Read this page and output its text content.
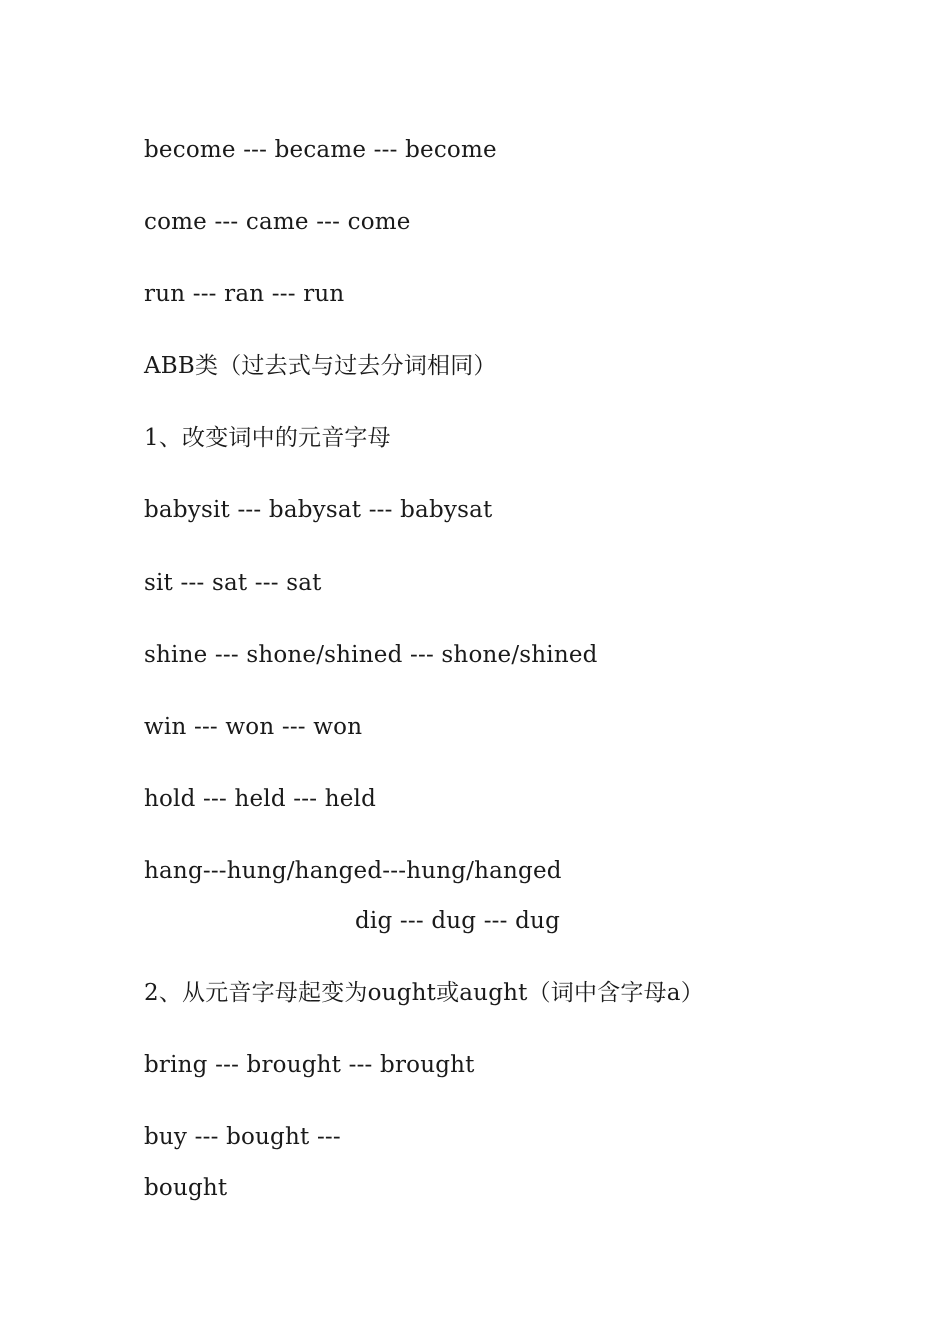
become --- became --- become
come --- came --- come
run --- ran --- run
ABB类（过去式与过去分词相同）
1、改变词中的元音字母
babysit --- babysat --- babysat
sit --- sat --- sat
shine --- shone/shined --- shone/shined
win --- won --- won
hold --- held --- held
hang---hung/hanged---hung/hanged
dig --- dug --- dug
2、从元音字母起变为ought或aught（词中含字母a）
bring --- brought --- brought
buy --- bought ---
bought
